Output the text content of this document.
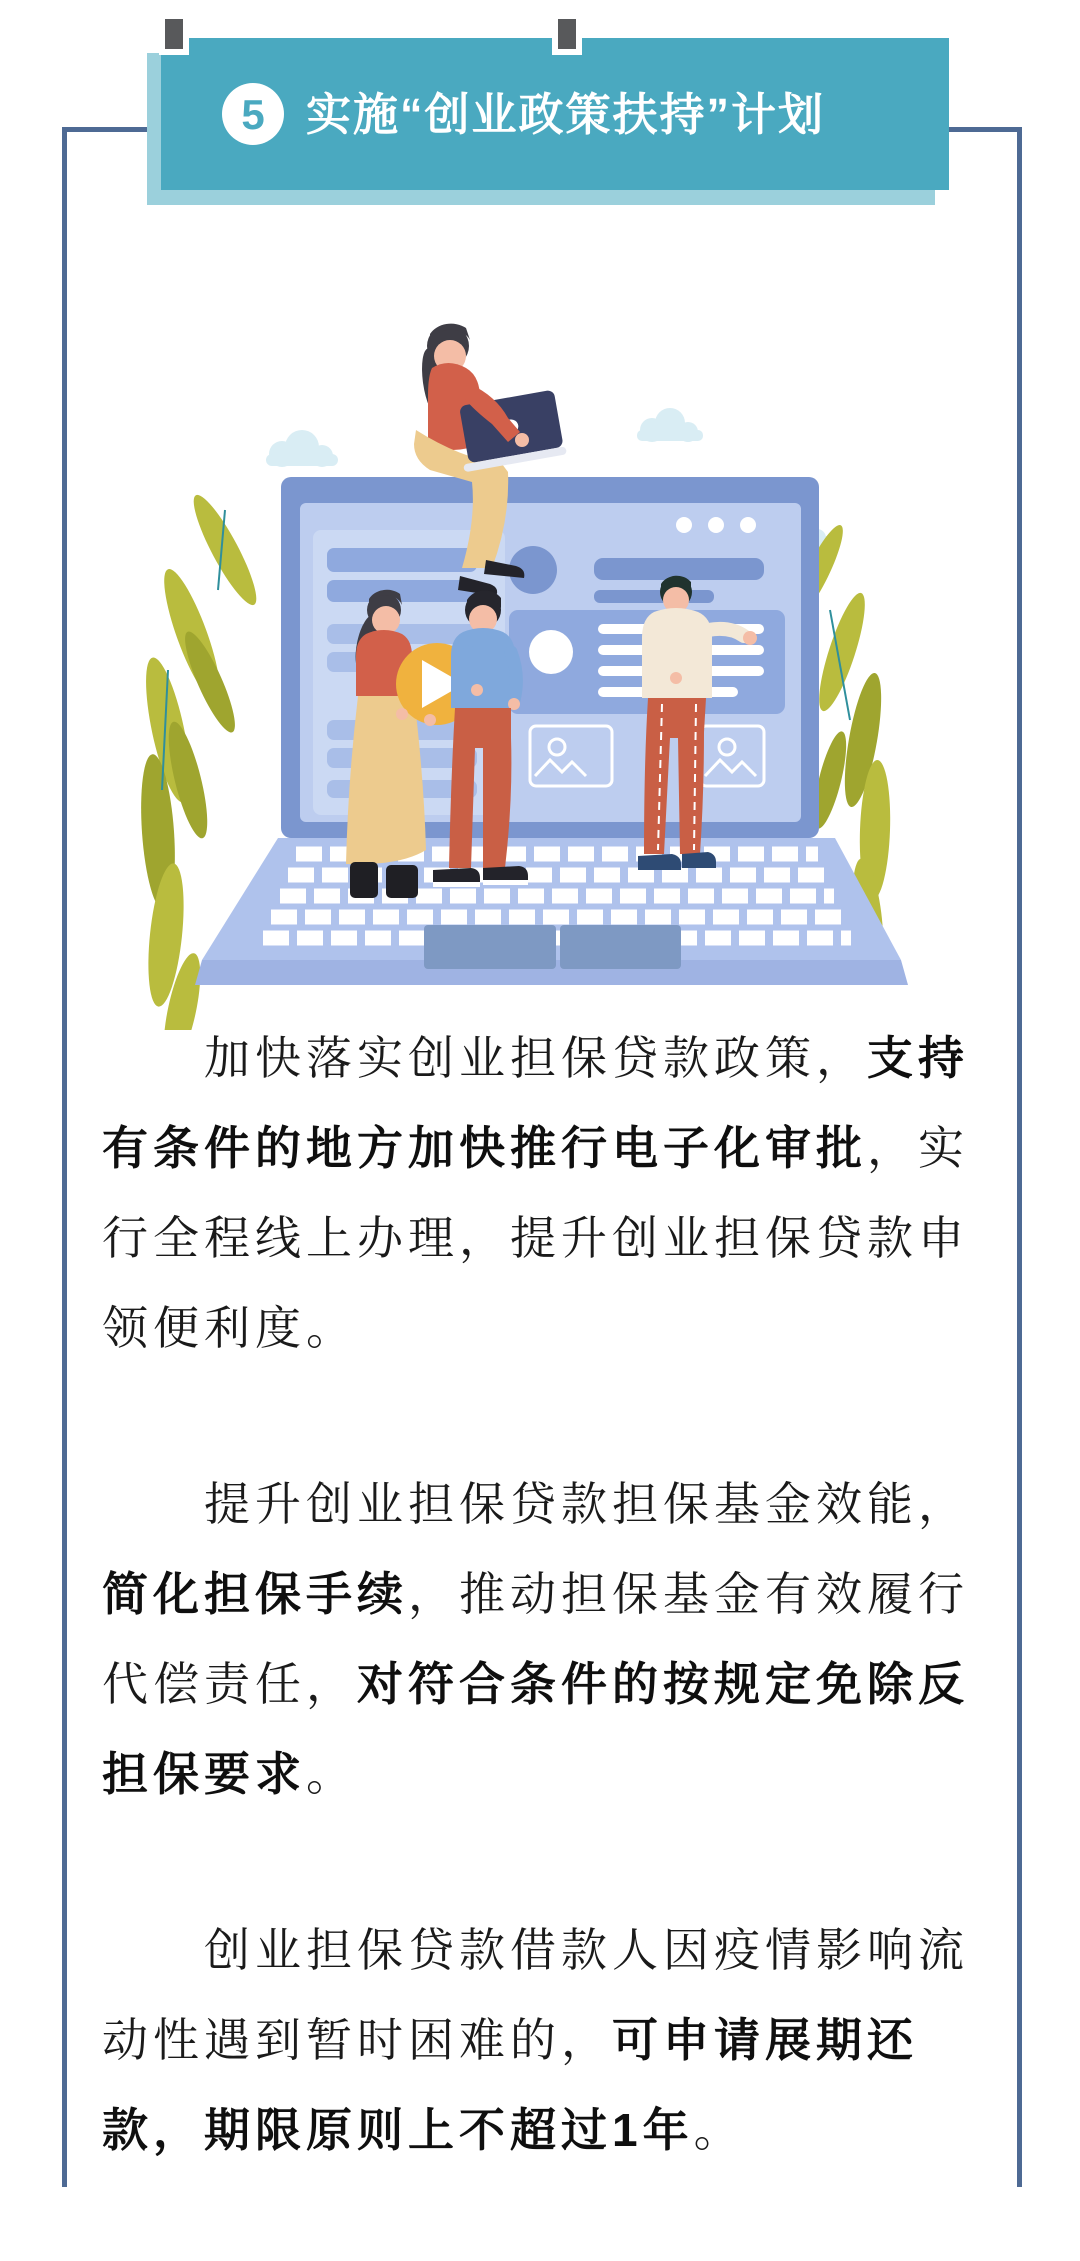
5 实施“创业政策扶持”计划

加快落实创业担保贷款政策，支持有条件的地方加快推行电子化审批，实行全程线上办理，提升创业担保贷款申领便利度。

提升创业担保贷款担保基金效能，简化担保手续，推动担保基金有效履行代偿责任，对符合条件的按规定免除反担保要求。

创业担保贷款借款人因疫情影响流动性遇到暂时困难的，可申请展期还款，期限原则上不超过1年。
